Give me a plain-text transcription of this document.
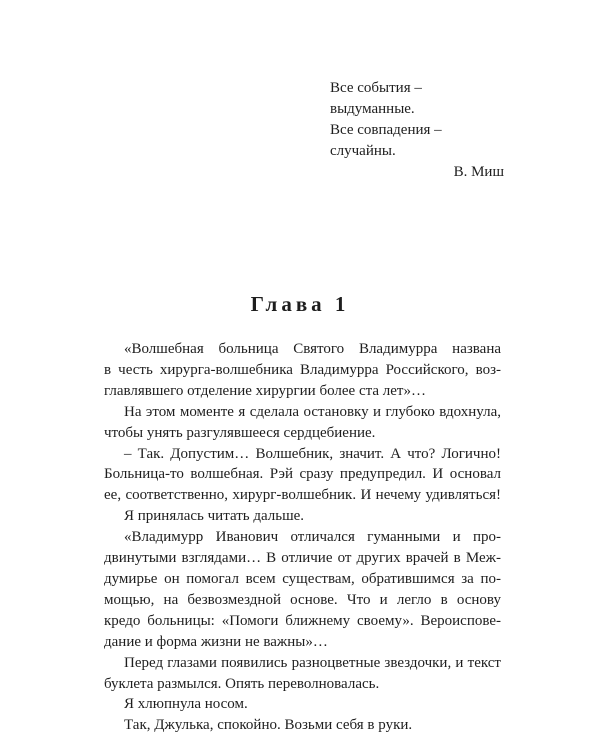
Все события – выдуманные.
Все совпадения – случайны.
В. Миш
Глава 1

«Волшебная больница Святого Владимурра названа
в честь хирурга-волшебника Владимурра Российского, воз-
главлявшего отделение хирургии более ста лет»…

На этом моменте я сделала остановку и глубоко вдохнула,
чтобы унять разгулявшееся сердцебиение.

– Так. Допустим… Волшебник, значит. А что? Логично!
Больница-то волшебная. Рэй сразу предупредил. И основал
ее, соответственно, хирург-волшебник. И нечему удивляться!

Я принялась читать дальше.

«Владимурр Иванович отличался гуманными и про-
двинутыми взглядами… В отличие от других врачей в Меж-
думирье он помогал всем существам, обратившимся за по-
мощью, на безвозмездной основе. Что и легло в основу
кредо больницы: «Помоги ближнему своему». Вероиспове-
дание и форма жизни не важны»…

Перед глазами появились разноцветные звездочки, и текст
буклета размылся. Опять переволновалась.

Я хлюпнула носом.

Так, Джулька, спокойно. Возьми себя в руки.
